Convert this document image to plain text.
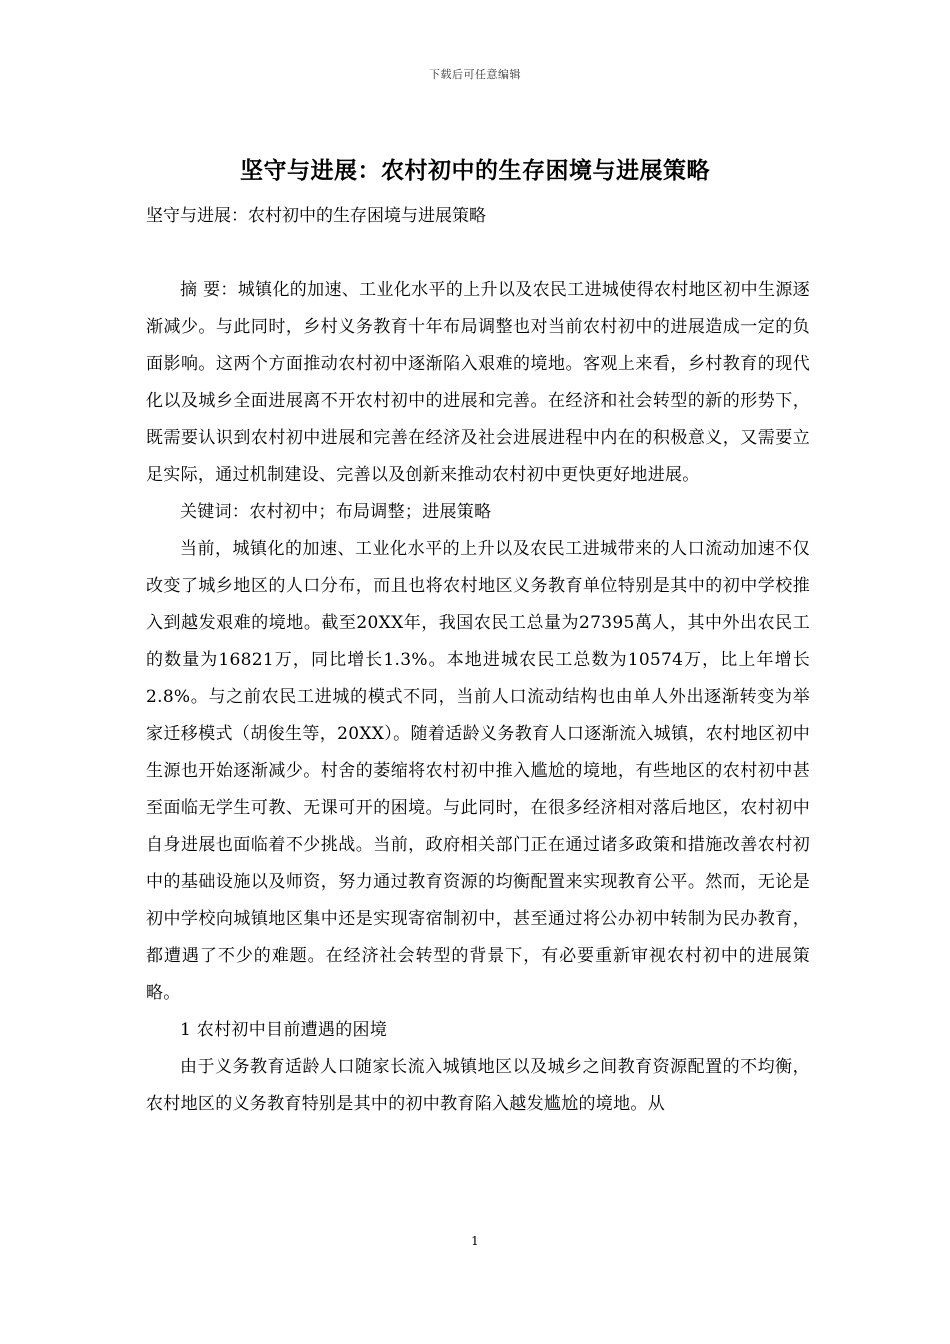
下载后可任意编辑
坚守与进展：农村初中的生存困境与进展策略
坚守与进展：农村初中的生存困境与进展策略

摘 要：城镇化的加速、工业化水平的上升以及农民工进城使得农村地区初中生源逐渐减少。与此同时，乡村义务教育十年布局调整也对当前农村初中的进展造成一定的负面影响。这两个方面推动农村初中逐渐陷入艰难的境地。客观上来看，乡村教育的现代化以及城乡全面进展离不开农村初中的进展和完善。在经济和社会转型的新的形势下，既需要认识到农村初中进展和完善在经济及社会进展进程中内在的积极意义，又需要立足实际，通过机制建设、完善以及创新来推动农村初中更快更好地进展。

关键词：农村初中；布局调整；进展策略

当前，城镇化的加速、工业化水平的上升以及农民工进城带来的人口流动加速不仅改变了城乡地区的人口分布，而且也将农村地区义务教育单位特别是其中的初中学校推入到越发艰难的境地。截至20XX年，我国农民工总量为27395萬人，其中外出农民工的数量为16821万，同比增长1.3%。本地进城农民工总数为10574万，比上年增长2.8%。与之前农民工进城的模式不同，当前人口流动结构也由单人外出逐渐转变为举家迁移模式（胡俊生等，20XX）。随着适龄义务教育人口逐渐流入城镇，农村地区初中生源也开始逐渐减少。村舍的萎缩将农村初中推入尴尬的境地，有些地区的农村初中甚至面临无学生可教、无课可开的困境。与此同时，在很多经济相对落后地区，农村初中自身进展也面临着不少挑战。当前，政府相关部门正在通过诸多政策和措施改善农村初中的基础设施以及师资，努力通过教育资源的均衡配置来实现教育公平。然而，无论是初中学校向城镇地区集中还是实现寄宿制初中，甚至通过将公办初中转制为民办教育，都遭遇了不少的难题。在经济社会转型的背景下，有必要重新审视农村初中的进展策略。

1 农村初中目前遭遇的困境

由于义务教育适龄人口随家长流入城镇地区以及城乡之间教育资源配置的不均衡，农村地区的义务教育特别是其中的初中教育陷入越发尴尬的境地。从

1
